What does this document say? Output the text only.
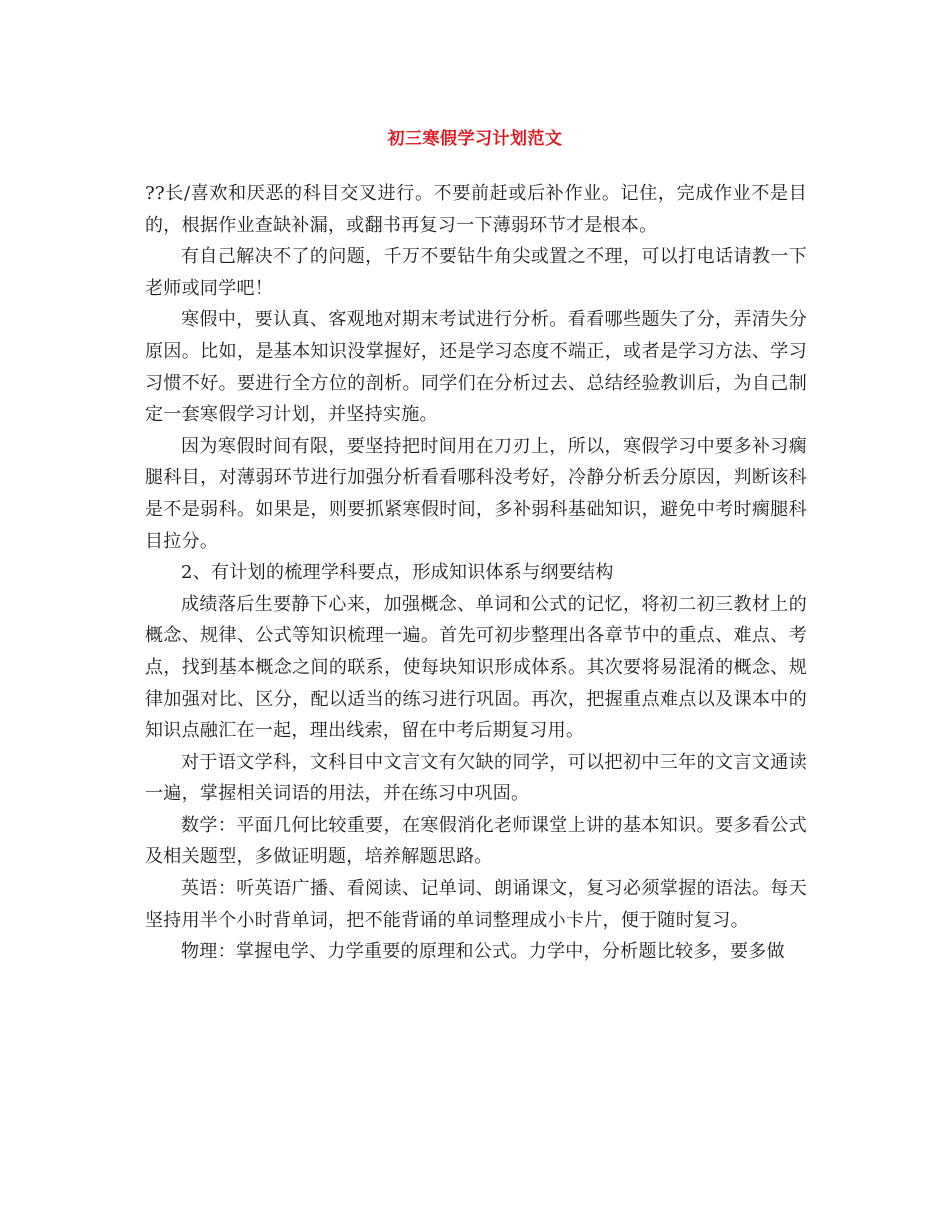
初三寒假学习计划范文

??长/喜欢和厌恶的科目交叉进行。不要前赶或后补作业。记住，完成作业不是目的，根据作业查缺补漏，或翻书再复习一下薄弱环节才是根本。

有自己解决不了的问题，千万不要钻牛角尖或置之不理，可以打电话请教一下老师或同学吧！

寒假中，要认真、客观地对期末考试进行分析。看看哪些题失了分，弄清失分原因。比如，是基本知识没掌握好，还是学习态度不端正，或者是学习方法、学习习惯不好。要进行全方位的剖析。同学们在分析过去、总结经验教训后，为自己制定一套寒假学习计划，并坚持实施。

因为寒假时间有限，要坚持把时间用在刀刃上，所以，寒假学习中要多补习瘸腿科目，对薄弱环节进行加强分析看看哪科没考好，冷静分析丢分原因，判断该科是不是弱科。如果是，则要抓紧寒假时间，多补弱科基础知识，避免中考时瘸腿科目拉分。

2、有计划的梳理学科要点，形成知识体系与纲要结构

成绩落后生要静下心来，加强概念、单词和公式的记忆，将初二初三教材上的概念、规律、公式等知识梳理一遍。首先可初步整理出各章节中的重点、难点、考 点，找到基本概念之间的联系，使每块知识形成体系。其次要将易混淆的概念、规律加强对比、区分，配以适当的练习进行巩固。再次，把握重点难点以及课本中的 知识点融汇在一起，理出线索，留在中考后期复习用。

对于语文学科，文科目中文言文有欠缺的同学，可以把初中三年的文言文通读一遍，掌握相关词语的用法，并在练习中巩固。

数学：平面几何比较重要，在寒假消化老师课堂上讲的基本知识。要多看公式及相关题型，多做证明题，培养解题思路。

英语：听英语广播、看阅读、记单词、朗诵课文，复习必须掌握的语法。每天坚持用半个小时背单词，把不能背诵的单词整理成小卡片，便于随时复习。

物理：掌握电学、力学重要的原理和公式。力学中，分析题比较多，要多做
